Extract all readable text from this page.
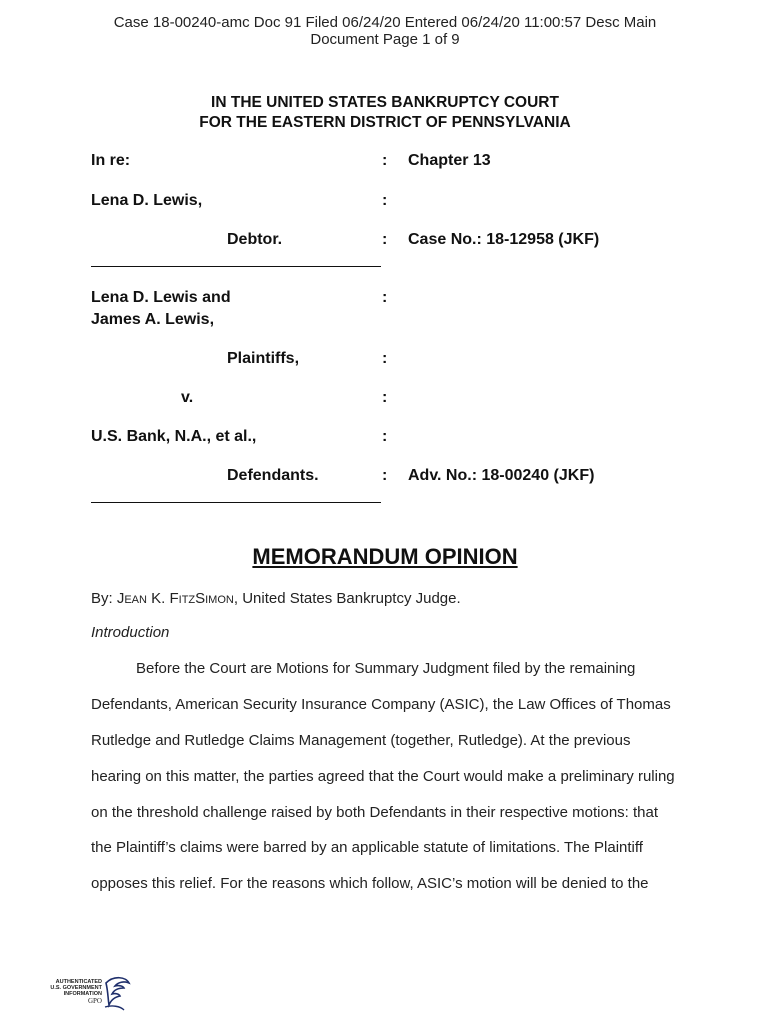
Case 18-00240-amc Doc 91 Filed 06/24/20 Entered 06/24/20 11:00:57 Desc Main
Document Page 1 of 9
IN THE UNITED STATES BANKRUPTCY COURT
FOR THE EASTERN DISTRICT OF PENNSYLVANIA
In re:	: Chapter 13
Lena D. Lewis,	:
Debtor.	: Case No.: 18-12958 (JKF)
Lena D. Lewis and	:
James A. Lewis,
Plaintiffs,	:
v.	:
U.S. Bank, N.A., et al.,	:
Defendants.	: Adv. No.: 18-00240 (JKF)
MEMORANDUM OPINION
By: Jean K. FitzSimon, United States Bankruptcy Judge.
Introduction
Before the Court are Motions for Summary Judgment filed by the remaining
Defendants, American Security Insurance Company (ASIC), the Law Offices of Thomas
Rutledge and Rutledge Claims Management (together, Rutledge). At the previous
hearing on this matter, the parties agreed that the Court would make a preliminary ruling
on the threshold challenge raised by both Defendants in their respective motions: that
the Plaintiff’s claims were barred by an applicable statute of limitations. The Plaintiff
opposes this relief. For the reasons which follow, ASIC’s motion will be denied to the
AUTHENTICATED
U.S. GOVERNMENT
INFORMATION
GPO
